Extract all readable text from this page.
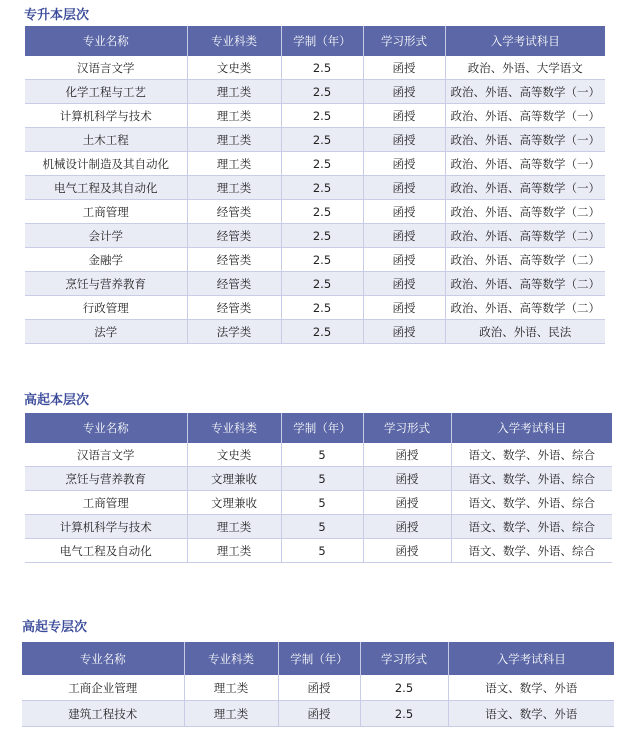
专升本层次
专业名称	专业科类	学制（年）	学习形式	入学考试科目
汉语言文学	文史类	2.5	函授	政治、外语、大学语文
化学工程与工艺	理工类	2.5	函授	政治、外语、高等数学（一）
计算机科学与技术	理工类	2.5	函授	政治、外语、高等数学（一）
土木工程	理工类	2.5	函授	政治、外语、高等数学（一）
机械设计制造及其自动化	理工类	2.5	函授	政治、外语、高等数学（一）
电气工程及其自动化	理工类	2.5	函授	政治、外语、高等数学（一）
工商管理	经管类	2.5	函授	政治、外语、高等数学（二）
会计学	经管类	2.5	函授	政治、外语、高等数学（二）
金融学	经管类	2.5	函授	政治、外语、高等数学（二）
烹饪与营养教育	经管类	2.5	函授	政治、外语、高等数学（二）
行政管理	经管类	2.5	函授	政治、外语、高等数学（二）
法学	法学类	2.5	函授	政治、外语、民法
高起本层次
专业名称	专业科类	学制（年）	学习形式	入学考试科目
汉语言文学	文史类	5	函授	语文、数学、外语、综合
烹饪与营养教育	文理兼收	5	函授	语文、数学、外语、综合
工商管理	文理兼收	5	函授	语文、数学、外语、综合
计算机科学与技术	理工类	5	函授	语文、数学、外语、综合
电气工程及自动化	理工类	5	函授	语文、数学、外语、综合
高起专层次
专业名称	专业科类	学制（年）	学习形式	入学考试科目
工商企业管理	理工类	函授	2.5	语文、数学、外语
建筑工程技术	理工类	函授	2.5	语文、数学、外语
